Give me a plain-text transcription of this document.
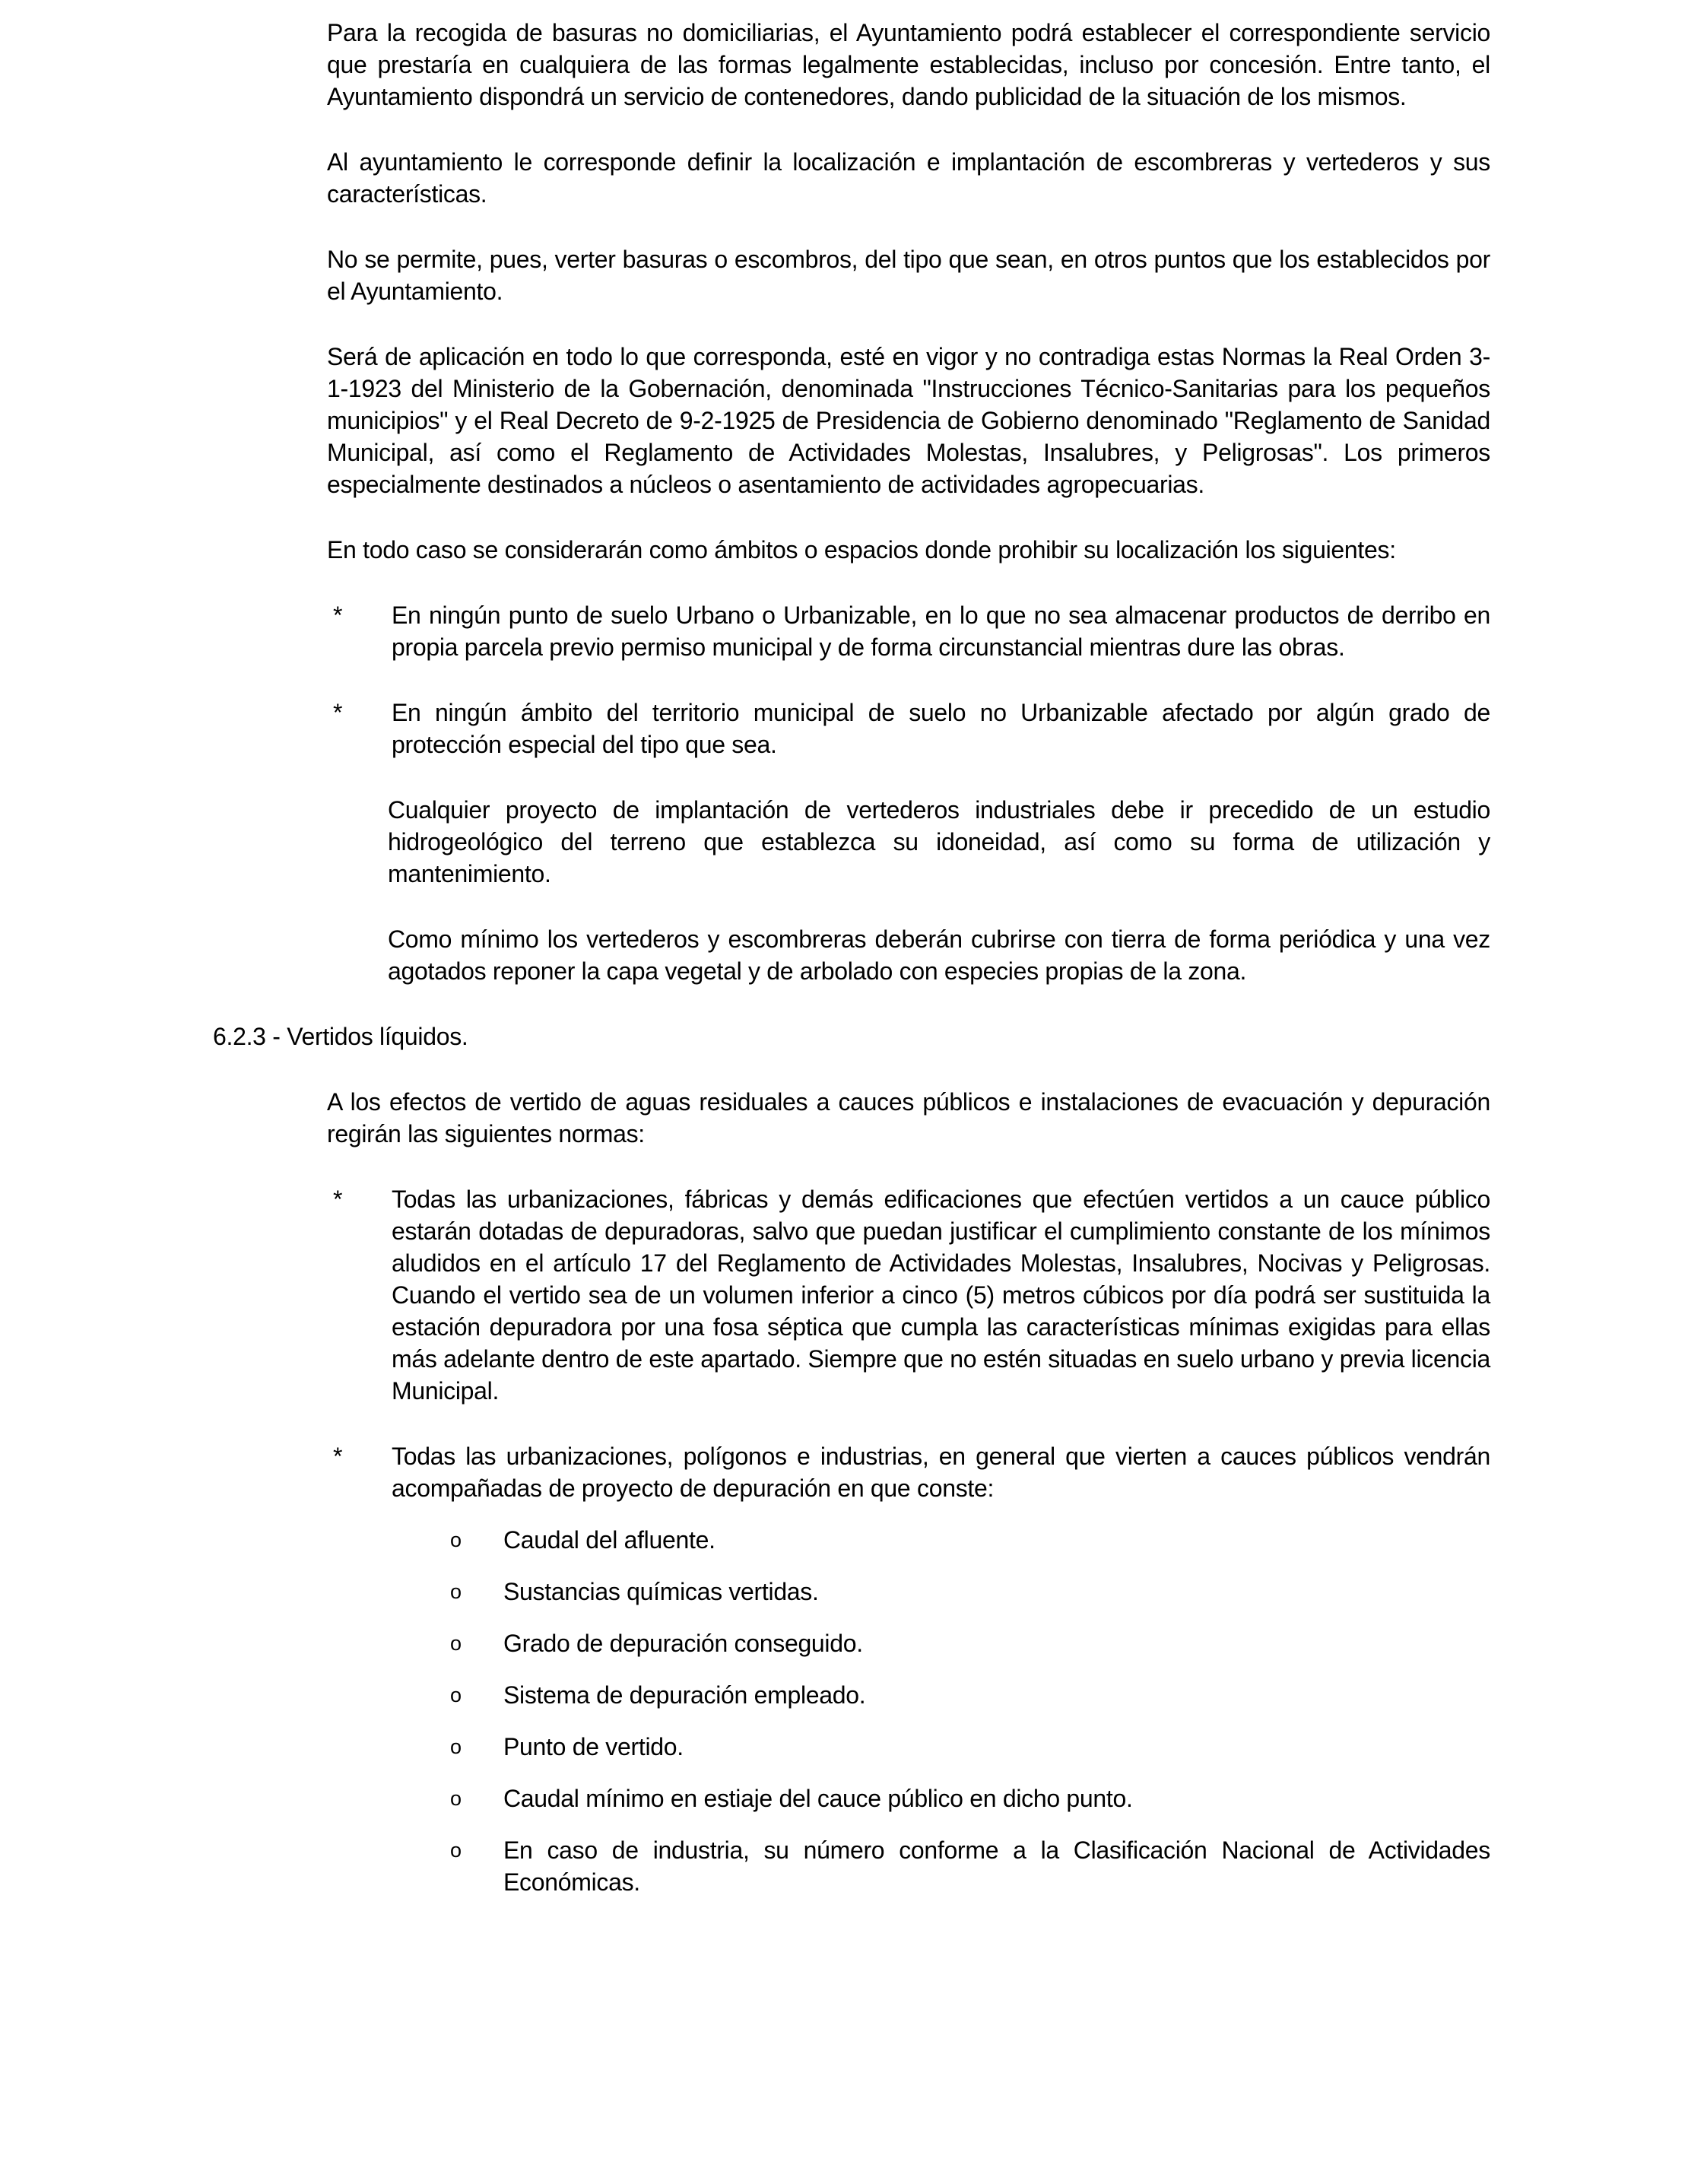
Para la recogida de basuras no domiciliarias, el Ayuntamiento podrá establecer el correspondiente servicio que prestaría en cualquiera de las formas legalmente establecidas, incluso por concesión. Entre tanto, el Ayuntamiento dispondrá un servicio de contenedores, dando publicidad de la situación de los mismos.

Al ayuntamiento le corresponde definir la localización e implantación de escombreras y vertederos y sus características.

No se permite, pues, verter basuras o escombros, del tipo que sean, en otros puntos que los establecidos por el Ayuntamiento.

Será de aplicación en todo lo que corresponda, esté en vigor y no contradiga estas Normas la Real Orden 3-1-1923 del Ministerio de la Gobernación, denominada "Instrucciones Técnico-Sanitarias para los pequeños municipios" y el Real Decreto de 9-2-1925 de Presidencia de Gobierno denominado "Reglamento de Sanidad Municipal, así como el Reglamento de Actividades Molestas, Insalubres, y Peligrosas". Los primeros especialmente destinados a núcleos o asentamiento de actividades agropecuarias.

En todo caso se considerarán como ámbitos o espacios donde prohibir su localización los siguientes:

*	En ningún punto de suelo Urbano o Urbanizable, en lo que no sea almacenar productos de derribo en propia parcela previo permiso municipal y de forma circunstancial mientras dure las obras.
*	En ningún ámbito del territorio municipal de suelo no Urbanizable afectado por algún grado de protección especial del tipo que sea.

Cualquier proyecto de implantación de vertederos industriales debe ir precedido de un estudio hidrogeológico del terreno que establezca su idoneidad, así como su forma de utilización y mantenimiento.

Como mínimo los vertederos y escombreras deberán cubrirse con tierra de forma periódica y una vez agotados reponer la capa vegetal y de arbolado con especies propias de la zona.

6.2.3 - Vertidos líquidos.

A los efectos de vertido de aguas residuales a cauces públicos e instalaciones de evacuación y depuración regirán las siguientes normas:

*	Todas las urbanizaciones, fábricas y demás edificaciones que efectúen vertidos a un cauce público estarán dotadas de depuradoras, salvo que puedan justificar el cumplimiento constante de los mínimos aludidos en el artículo 17 del Reglamento de Actividades Molestas, Insalubres, Nocivas y Peligrosas. Cuando el vertido sea de un volumen inferior a cinco (5) metros cúbicos por día podrá ser sustituida la estación depuradora por una fosa séptica que cumpla las características mínimas exigidas para ellas más adelante dentro de este apartado. Siempre que no estén situadas en suelo urbano y previa licencia Municipal.
*	Todas las urbanizaciones, polígonos e industrias, en general que vierten a cauces públicos vendrán acompañadas de proyecto de depuración en que conste:
o	Caudal del afluente.
o	Sustancias químicas vertidas.
o	Grado de depuración conseguido.
o	Sistema de depuración empleado.
o	Punto de vertido.
o	Caudal mínimo en estiaje del cauce público en dicho punto.
o	En caso de industria, su número conforme a la Clasificación Nacional de Actividades Económicas.
